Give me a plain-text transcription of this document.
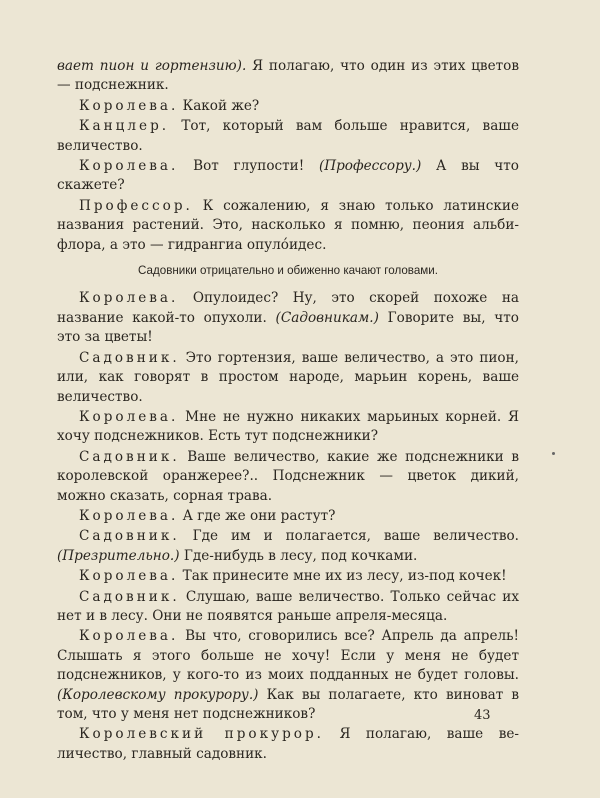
вает пион и гортензию). Я полагаю, что один из этих цветов — подснежник.
Королева. Какой же?
Канцлер. Тот, который вам больше нравится, ваше величество.
Королева. Вот глупости! (Профессору.) А вы что скажете?
Профессор. К сожалению, я знаю только латинские названия растений. Это, насколько я помню, пеония альбифлора, а это — гидрангиа опулóидес.
Садовники отрицательно и обиженно качают головами.
Королева. Опулоидес? Ну, это скорей похоже на название какой-то опухоли. (Садовникам.) Говорите вы, что это за цветы!
Садовник. Это гортензия, ваше величество, а это пион, или, как говорят в простом народе, марьин корень, ваше величество.
Королева. Мне не нужно никаких марьиных корней. Я хочу подснежников. Есть тут подснежники?
Садовник. Ваше величество, какие же подснежники в королевской оранжерее?.. Подснежник — цветок дикий, можно сказать, сорная трава.
Королева. А где же они растут?
Садовник. Где им и полагается, ваше величество. (Презрительно.) Где-нибудь в лесу, под кочками.
Королева. Так принесите мне их из лесу, из-под кочек!
Садовник. Слушаю, ваше величество. Только сейчас их нет и в лесу. Они не появятся раньше апреля-месяца.
Королева. Вы что, сговорились все? Апрель да апрель! Слышать я этого больше не хочу! Если у меня не будет подснежников, у кого-то из моих подданных не будет головы. (Королевскому прокурору.) Как вы полагаете, кто виноват в том, что у меня нет подснежников?
Королевский прокурор. Я полагаю, ваше величество, главный садовник.
43
